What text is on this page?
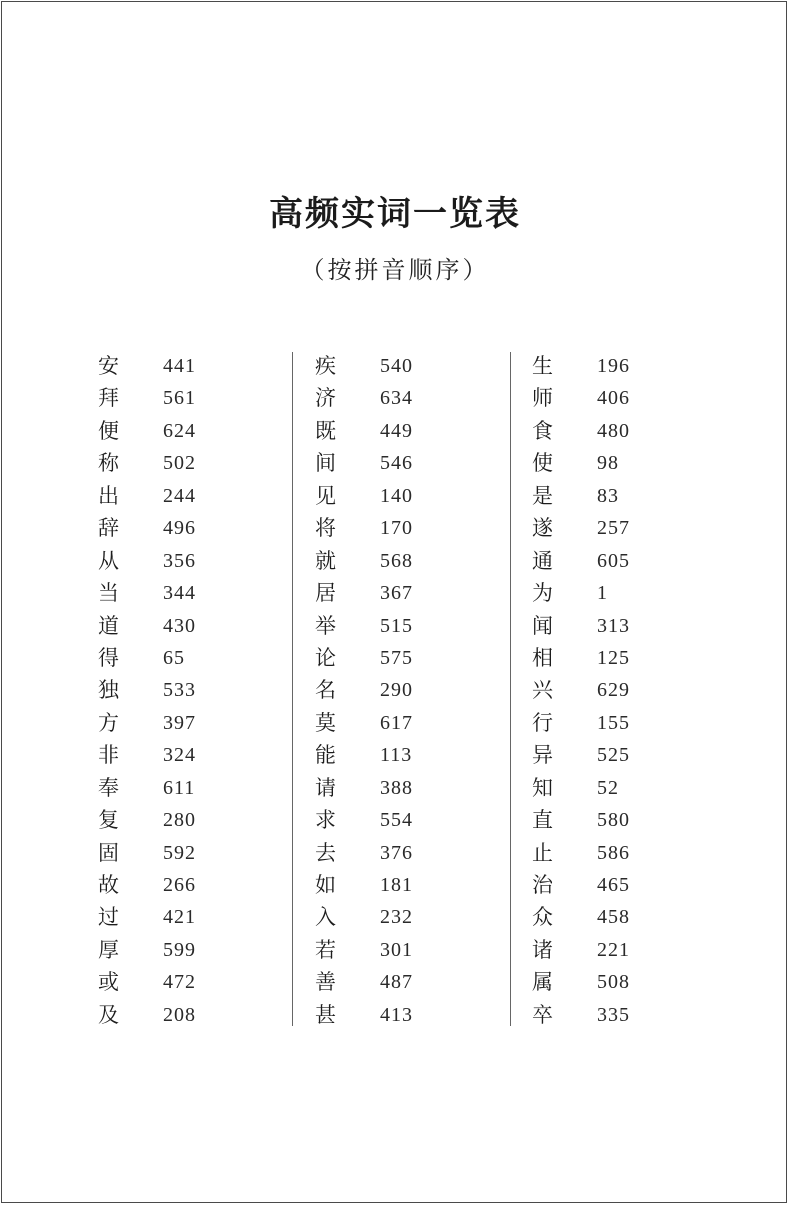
高频实词一览表
（按拼音顺序）
安 441
拜 561
便 624
称 502
出 244
辞 496
从 356
当 344
道 430
得 65
独 533
方 397
非 324
奉 611
复 280
固 592
故 266
过 421
厚 599
或 472
及 208
疾 540
济 634
既 449
间 546
见 140
将 170
就 568
居 367
举 515
论 575
名 290
莫 617
能 113
请 388
求 554
去 376
如 181
入 232
若 301
善 487
甚 413
生 196
师 406
食 480
使 98
是 83
遂 257
通 605
为 1
闻 313
相 125
兴 629
行 155
异 525
知 52
直 580
止 586
治 465
众 458
诸 221
属 508
卒 335
